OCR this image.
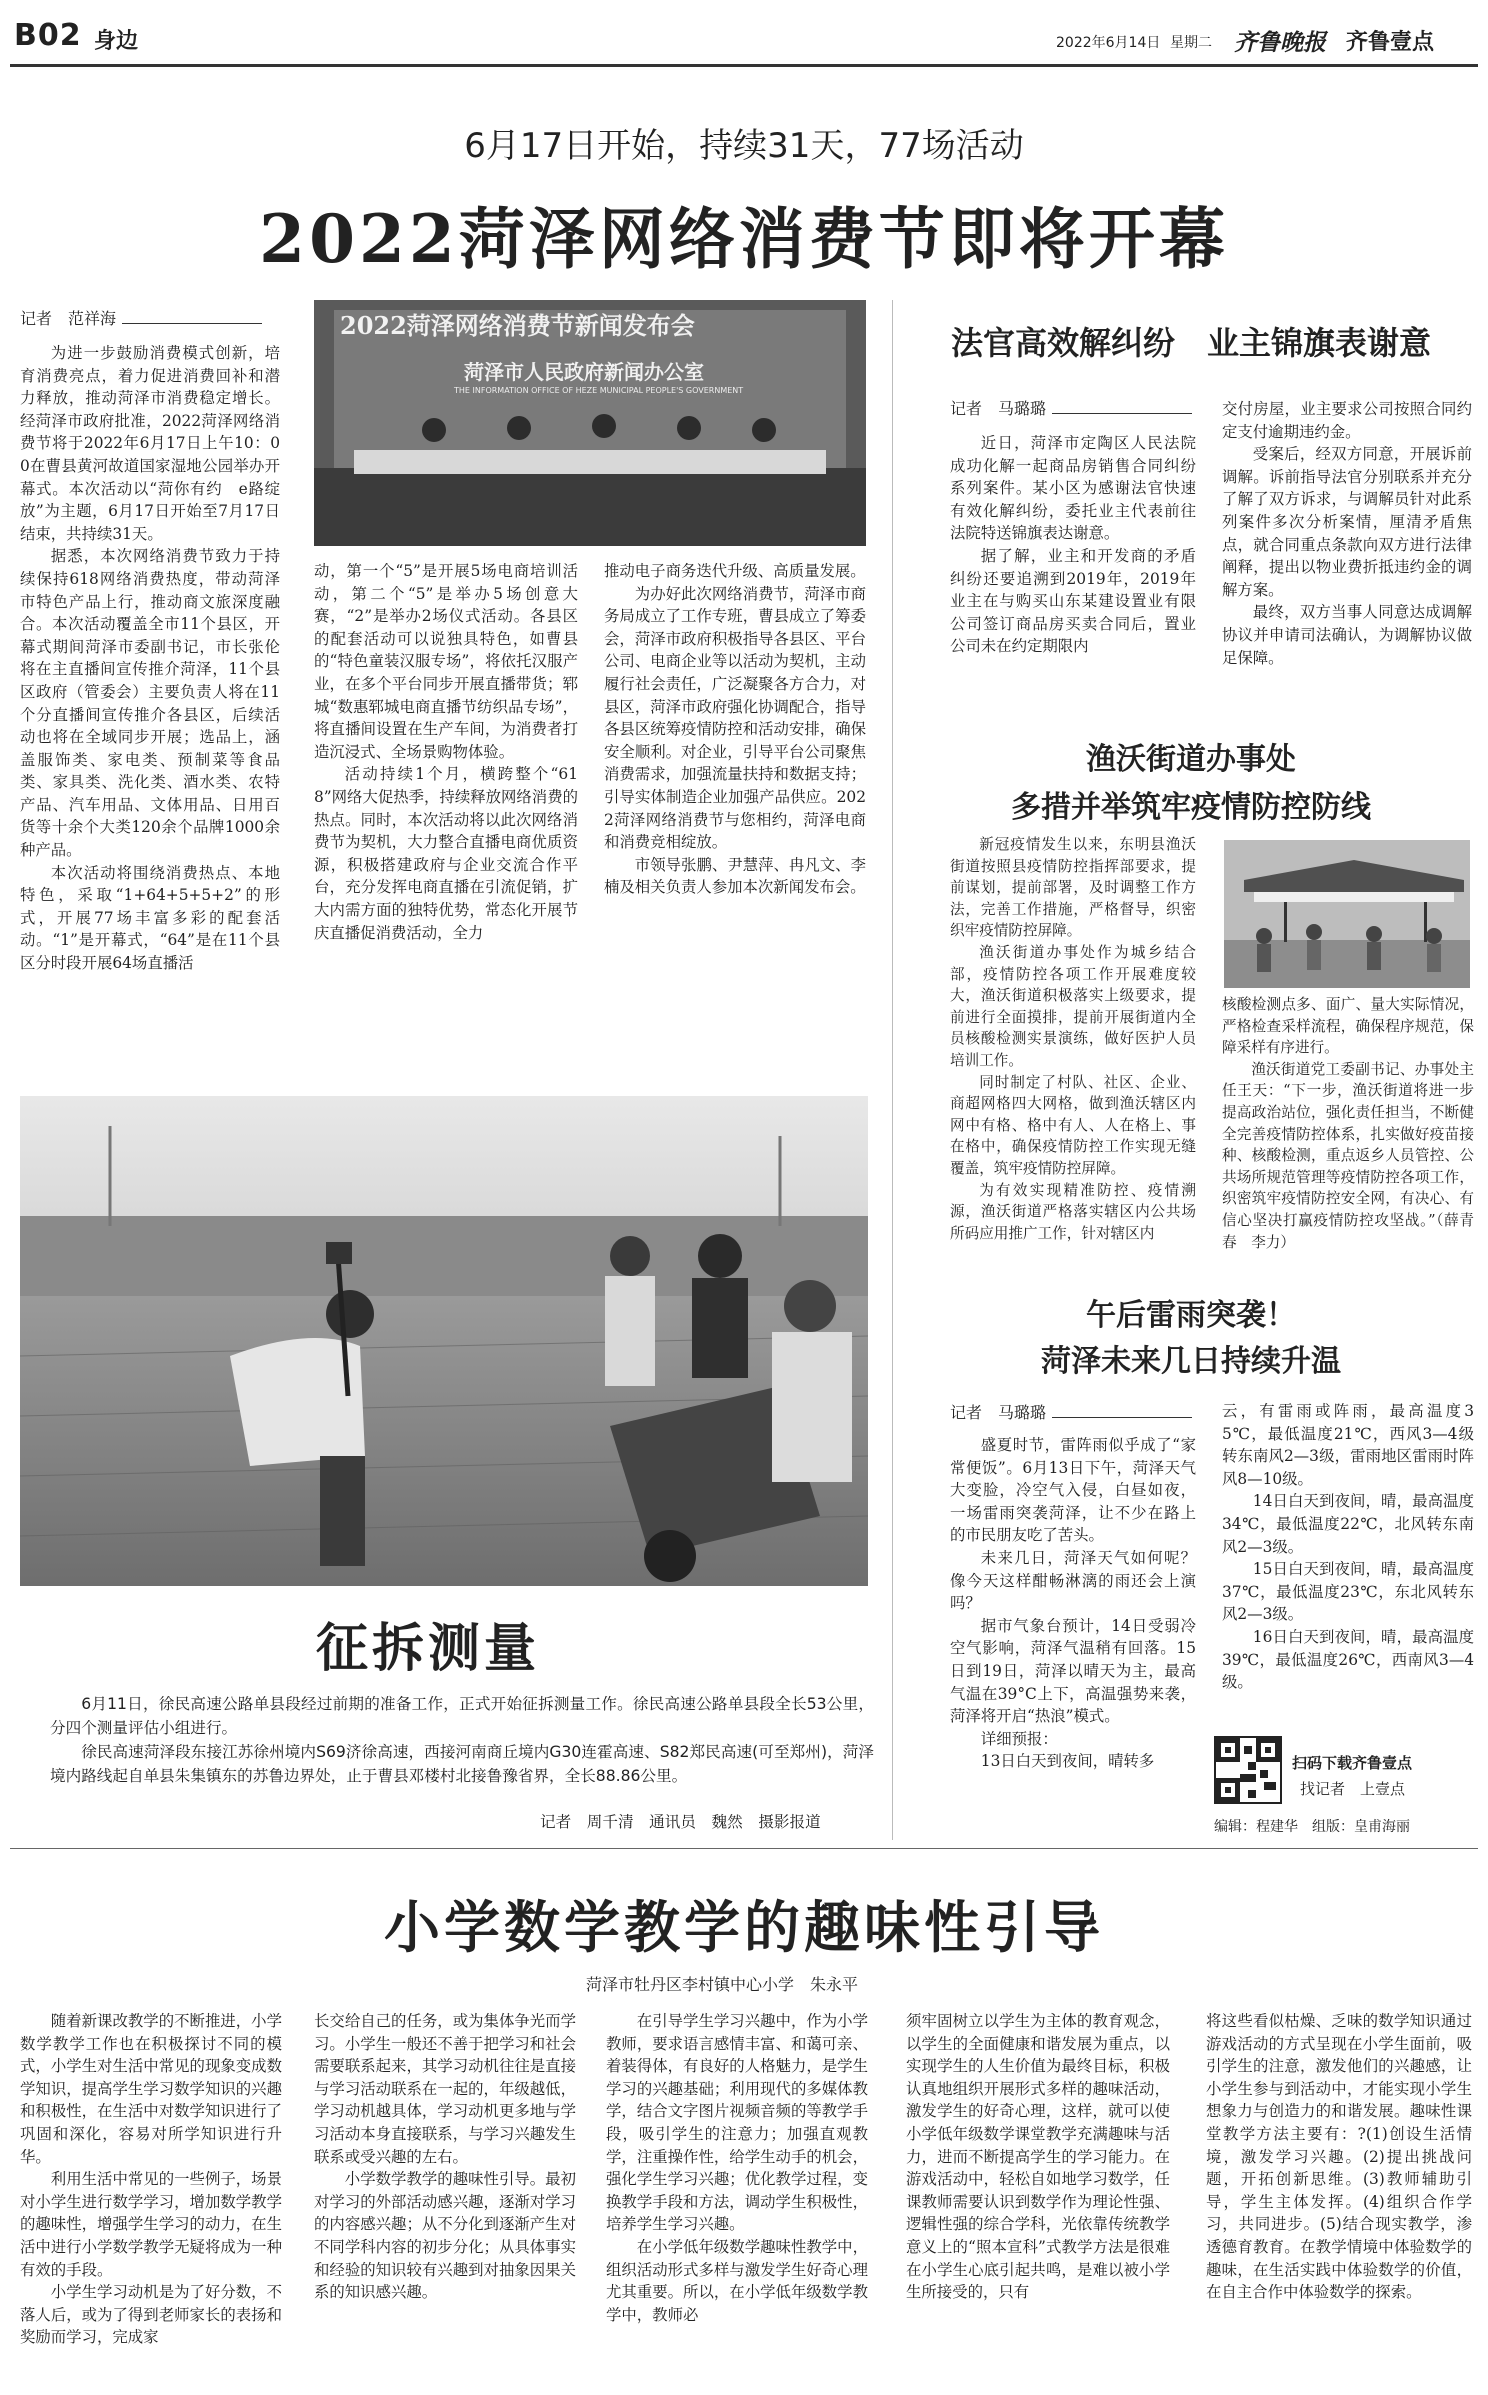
B02 身边	2022年6月14日 星期二 齐鲁晚报 齐鲁壹点
6月17日开始，持续31天，77场活动
2022菏泽网络消费节即将开幕
记者　范祥海	2022菏泽网络消费节新闻发布会
菏泽市人民政府新闻办公室
THE INFORMATION OFFICE OF HEZE MUNICIPAL PEOPLE'S GOVERNMENT

为进一步鼓励消费模式创新，培育消费亮点，着力促进消费回补和潜力释放，推动菏泽市消费稳定增长。经菏泽市政府批准，2022菏泽网络消费节将于2022年6月17日上午10：00在曹县黄河故道国家湿地公园举办开幕式。本次活动以“菏你有约　e路绽放”为主题，6月17日开始至7月17日结束，共持续31天。

据悉，本次网络消费节致力于持续保持618网络消费热度，带动菏泽市特色产品上行，推动商文旅深度融合。本次活动覆盖全市11个县区，开幕式期间菏泽市委副书记，市长张伦将在主直播间宣传推介菏泽，11个县区政府（管委会）主要负责人将在11个分直播间宣传推介各县区，后续活动也将在全域同步开展；选品上，涵盖服饰类、家电类、预制菜等食品类、家具类、洗化类、酒水类、农特产品、汽车用品、文体用品、日用百货等十余个大类120余个品牌1000余种产品。

本次活动将围绕消费热点、本地特色，采取“1+64+5+5+2”的形式，开展77场丰富多彩的配套活动。“1”是开幕式，“64”是在11个县区分时段开展64场直播活

动，第一个“5”是开展5场电商培训活动，第二个“5”是举办5场创意大赛，“2”是举办2场仪式活动。各县区的配套活动可以说独具特色，如曹县的“特色童装汉服专场”，将依托汉服产业，在多个平台同步开展直播带货；郓城“数惠郓城电商直播节纺织品专场”，将直播间设置在生产车间，为消费者打造沉浸式、全场景购物体验。

活动持续1个月，横跨整个“618”网络大促热季，持续释放网络消费的热点。同时，本次活动将以此次网络消费节为契机，大力整合直播电商优质资源，积极搭建政府与企业交流合作平台，充分发挥电商直播在引流促销，扩大内需方面的独特优势，常态化开展节庆直播促消费活动，全力

推动电子商务迭代升级、高质量发展。

为办好此次网络消费节，菏泽市商务局成立了工作专班，曹县成立了筹委会，菏泽市政府积极指导各县区、平台公司、电商企业等以活动为契机，主动履行社会责任，广泛凝聚各方合力，对县区，菏泽市政府强化协调配合，指导各县区统筹疫情防控和活动安排，确保安全顺利。对企业，引导平台公司聚焦消费需求，加强流量扶持和数据支持；引导实体制造企业加强产品供应。2022菏泽网络消费节与您相约，菏泽电商和消费竞相绽放。

市领导张鹏、尹慧萍、冉凡文、李楠及相关负责人参加本次新闻发布会。

法官高效解纠纷　业主锦旗表谢意
记者　马璐璐

近日，菏泽市定陶区人民法院成功化解一起商品房销售合同纠纷系列案件。某小区为感谢法官快速有效化解纠纷，委托业主代表前往法院特送锦旗表达谢意。

据了解，业主和开发商的矛盾纠纷还要追溯到2019年，2019年业主在与购买山东某建设置业有限公司签订商品房买卖合同后，置业公司未在约定期限内

交付房屋，业主要求公司按照合同约定支付逾期违约金。

受案后，经双方同意，开展诉前调解。诉前指导法官分别联系并充分了解了双方诉求，与调解员针对此系列案件多次分析案情，厘清矛盾焦点，就合同重点条款向双方进行法律阐释，提出以物业费折抵违约金的调解方案。

最终，双方当事人同意达成调解协议并申请司法确认，为调解协议做足保障。

渔沃街道办事处
多措并举筑牢疫情防控防线

新冠疫情发生以来，东明县渔沃街道按照县疫情防控指挥部要求，提前谋划，提前部署，及时调整工作方法，完善工作措施，严格督导，织密织牢疫情防控屏障。

渔沃街道办事处作为城乡结合部，疫情防控各项工作开展难度较大，渔沃街道积极落实上级要求，提前进行全面摸排，提前开展街道内全员核酸检测实景演练，做好医护人员培训工作。

同时制定了村队、社区、企业、商超网格四大网格，做到渔沃辖区内网中有格、格中有人、人在格上、事在格中，确保疫情防控工作实现无缝覆盖，筑牢疫情防控屏障。

为有效实现精准防控、疫情溯源，渔沃街道严格落实辖区内公共场所码应用推广工作，针对辖区内

核酸检测点多、面广、量大实际情况，严格检查采样流程，确保程序规范，保障采样有序进行。

渔沃街道党工委副书记、办事处主任王天：“下一步，渔沃街道将进一步提高政治站位，强化责任担当，不断健全完善疫情防控体系，扎实做好疫苗接种、核酸检测，重点返乡人员管控、公共场所规范管理等疫情防控各项工作，织密筑牢疫情防控安全网，有决心、有信心坚决打赢疫情防控攻坚战。”（薛青春　李力）

午后雷雨突袭！
菏泽未来几日持续升温
记者　马璐璐

盛夏时节，雷阵雨似乎成了“家常便饭”。6月13日下午，菏泽天气大变脸，冷空气入侵，白昼如夜，一场雷雨突袭菏泽，让不少在路上的市民朋友吃了苦头。

未来几日，菏泽天气如何呢？像今天这样酣畅淋漓的雨还会上演吗？

据市气象台预计，14日受弱冷空气影响，菏泽气温稍有回落。15日到19日，菏泽以晴天为主，最高气温在39°C上下，高温强势来袭，菏泽将开启“热浪”模式。

详细预报：

13日白天到夜间，晴转多

云，有雷雨或阵雨，最高温度35℃，最低温度21℃，西风3—4级转东南风2—3级，雷雨地区雷雨时阵风8—10级。

14日白天到夜间，晴，最高温度34℃，最低温度22℃，北风转东南风2—3级。

15日白天到夜间，晴，最高温度37℃，最低温度23℃，东北风转东风2—3级。

16日白天到夜间，晴，最高温度39℃，最低温度26℃，西南风3—4级。

扫码下载齐鲁壹点
找记者　上壹点
编辑：程建华　组版：皇甫海丽
征拆测量

6月11日，徐民高速公路单县段经过前期的准备工作，正式开始征拆测量工作。徐民高速公路单县段全长53公里，分四个测量评估小组进行。

徐民高速菏泽段东接江苏徐州境内S69济徐高速，西接河南商丘境内G30连霍高速、S82郑民高速(可至郑州)，菏泽境内路线起自单县朱集镇东的苏鲁边界处，止于曹县邓楼村北接鲁豫省界，全长88.86公里。

记者　周千清　通讯员　魏然　摄影报道
小学数学教学的趣味性引导
菏泽市牡丹区李村镇中心小学　朱永平

随着新课改教学的不断推进，小学数学教学工作也在积极探讨不同的模式，小学生对生活中常见的现象变成数学知识，提高学生学习数学知识的兴趣和积极性，在生活中对数学知识进行了巩固和深化，容易对所学知识进行升华。

利用生活中常见的一些例子，场景对小学生进行数学学习，增加数学教学的趣味性，增强学生学习的动力，在生活中进行小学数学教学无疑将成为一种有效的手段。

小学生学习动机是为了好分数，不落人后，或为了得到老师家长的表扬和奖励而学习，完成家

长交给自己的任务，或为集体争光而学习。小学生一般还不善于把学习和社会需要联系起来，其学习动机往往是直接与学习活动联系在一起的，年级越低，学习动机越具体，学习动机更多地与学习活动本身直接联系，与学习兴趣发生联系或受兴趣的左右。

小学数学教学的趣味性引导。最初对学习的外部活动感兴趣，逐渐对学习的内容感兴趣；从不分化到逐渐产生对不同学科内容的初步分化；从具体事实和经验的知识较有兴趣到对抽象因果关系的知识感兴趣。

在引导学生学习兴趣中，作为小学教师，要求语言感情丰富、和蔼可亲、着装得体，有良好的人格魅力，是学生学习的兴趣基础；利用现代的多媒体教学，结合文字图片视频音频的等教学手段，吸引学生的注意力；加强直观教学，注重操作性，给学生动手的机会，强化学生学习兴趣；优化教学过程，变换教学手段和方法，调动学生积极性，培养学生学习兴趣。

在小学低年级数学趣味性教学中，组织活动形式多样与激发学生好奇心理尤其重要。所以，在小学低年级数学教学中，教师必

须牢固树立以学生为主体的教育观念，以学生的全面健康和谐发展为重点，以实现学生的人生价值为最终目标，积极认真地组织开展形式多样的趣味活动，激发学生的好奇心理，这样，就可以使小学低年级数学课堂教学充满趣味与活力，进而不断提高学生的学习能力。在游戏活动中，轻松自如地学习数学，任课教师需要认识到数学作为理论性强、逻辑性强的综合学科，光依靠传统教学意义上的“照本宣科”式教学方法是很难在小学生心底引起共鸣，是难以被小学生所接受的，只有

将这些看似枯燥、乏味的数学知识通过游戏活动的方式呈现在小学生面前，吸引学生的注意，激发他们的兴趣感，让小学生参与到活动中，才能实现小学生想象力与创造力的和谐发展。趣味性课堂教学方法主要有：?(1)创设生活情境，激发学习兴趣。(2)提出挑战问题，开拓创新思维。(3)教师辅助引导，学生主体发挥。(4)组织合作学习，共同进步。(5)结合现实教学，渗透德育教育。在教学情境中体验数学的趣味，在生活实践中体验数学的价值，在自主合作中体验数学的探索。
